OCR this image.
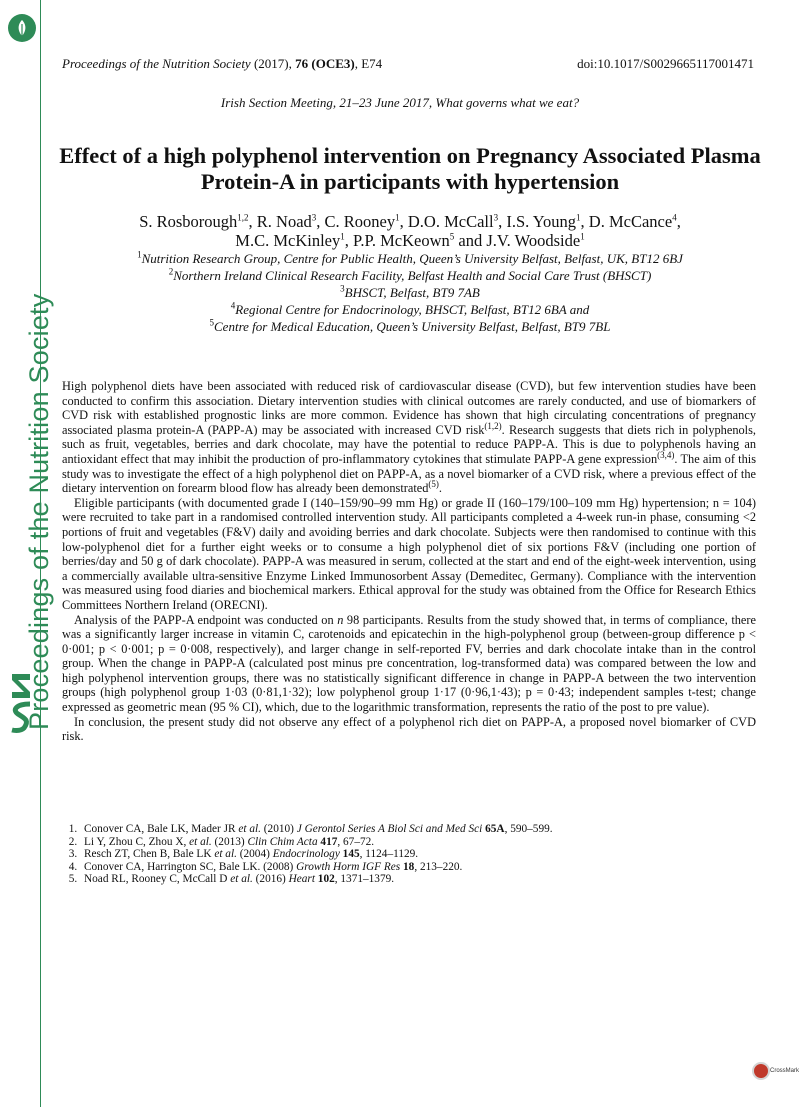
Proceedings of the Nutrition Society
Proceedings of the Nutrition Society (2017), 76 (OCE3), E74	doi:10.1017/S0029665117001471
Irish Section Meeting, 21–23 June 2017, What governs what we eat?
Effect of a high polyphenol intervention on Pregnancy Associated Plasma
Protein-A in participants with hypertension
S. Rosborough$^{1,2}$, R. Noad$^3$, C. Rooney$^1$, D.O. McCall$^3$, I.S. Young$^1$, D. McCance$^4$,
M.C. McKinley$^1$, P.P. McKeown$^5$ and J.V. Woodside$^1$
$^1$Nutrition Research Group, Centre for Public Health, Queen’s University Belfast, Belfast, UK, BT12 6BJ
$^2$Northern Ireland Clinical Research Facility, Belfast Health and Social Care Trust (BHSCT)
$^3$BHSCT, Belfast, BT9 7AB
$^4$Regional Centre for Endocrinology, BHSCT, Belfast, BT12 6BA and
$^5$Centre for Medical Education, Queen’s University Belfast, Belfast, BT9 7BL

High polyphenol diets have been associated with reduced risk of cardiovascular disease (CVD), but few intervention studies have been conducted to confirm this association. Dietary intervention studies with clinical outcomes are rarely conducted, and use of biomarkers of CVD risk with established prognostic links are more common. Evidence has shown that high circulating concentrations of pregnancy associated plasma protein-A (PAPP-A) may be associated with increased CVD risk$^{(1,2)}$. Research suggests that diets rich in polyphenols, such as fruit, vegetables, berries and dark chocolate, may have the potential to reduce PAPP-A. This is due to polyphenols having an antioxidant effect that may inhibit the production of pro-inflammatory cytokines that stimulate PAPP-A gene expression$^{(3,4)}$. The aim of this study was to investigate the effect of a high polyphenol diet on PAPP-A, as a novel biomarker of a CVD risk, where a previous effect of the dietary intervention on forearm blood flow has already been demonstrated$^{(5)}$.

Eligible participants (with documented grade I (140–159/90–99 mm Hg) or grade II (160–179/100–109 mm Hg) hypertension; n = 104) were recruited to take part in a randomised controlled intervention study. All participants completed a 4-week run-in phase, consuming <2 portions of fruit and vegetables (F&V) daily and avoiding berries and dark chocolate. Subjects were then randomised to continue with this low-polyphenol diet for a further eight weeks or to consume a high polyphenol diet of six portions F&V (including one portion of berries/day and 50 g of dark chocolate). PAPP-A was measured in serum, collected at the start and end of the eight-week intervention, using a commercially available ultra-sensitive Enzyme Linked Immunosorbent Assay (Demeditec, Germany). Compliance with the intervention was measured using food diaries and biochemical markers. Ethical approval for the study was obtained from the Office for Research Ethics Committees Northern Ireland (ORECNI).

Analysis of the PAPP-A endpoint was conducted on n 98 participants. Results from the study showed that, in terms of compliance, there was a significantly larger increase in vitamin C, carotenoids and epicatechin in the high-polyphenol group (between-group difference p < 0·001; p < 0·001; p = 0·008, respectively), and larger change in self-reported FV, berries and dark chocolate intake than in the control group. When the change in PAPP-A (calculated post minus pre concentration, log-transformed data) was compared between the low and high polyphenol intervention groups, there was no statistically significant difference in change in PAPP-A between the two intervention groups (high polyphenol group 1·03 (0·81,1·32); low polyphenol group 1·17 (0·96,1·43); p = 0·43; independent samples t-test; change expressed as geometric mean (95 % CI), which, due to the logarithmic transformation, represents the ratio of the post to pre value).

In conclusion, the present study did not observe any effect of a polyphenol rich diet on PAPP-A, a proposed novel biomarker of CVD risk.

1. Conover CA, Bale LK, Mader JR et al. (2010) J Gerontol Series A Biol Sci and Med Sci 65A, 590–599.
2. Li Y, Zhou C, Zhou X, et al. (2013) Clin Chim Acta 417, 67–72.
3. Resch ZT, Chen B, Bale LK et al. (2004) Endocrinology 145, 1124–1129.
4. Conover CA, Harrington SC, Bale LK. (2008) Growth Horm IGF Res 18, 213–220.
5. Noad RL, Rooney C, McCall D et al. (2016) Heart 102, 1371–1379.
CrossMark
